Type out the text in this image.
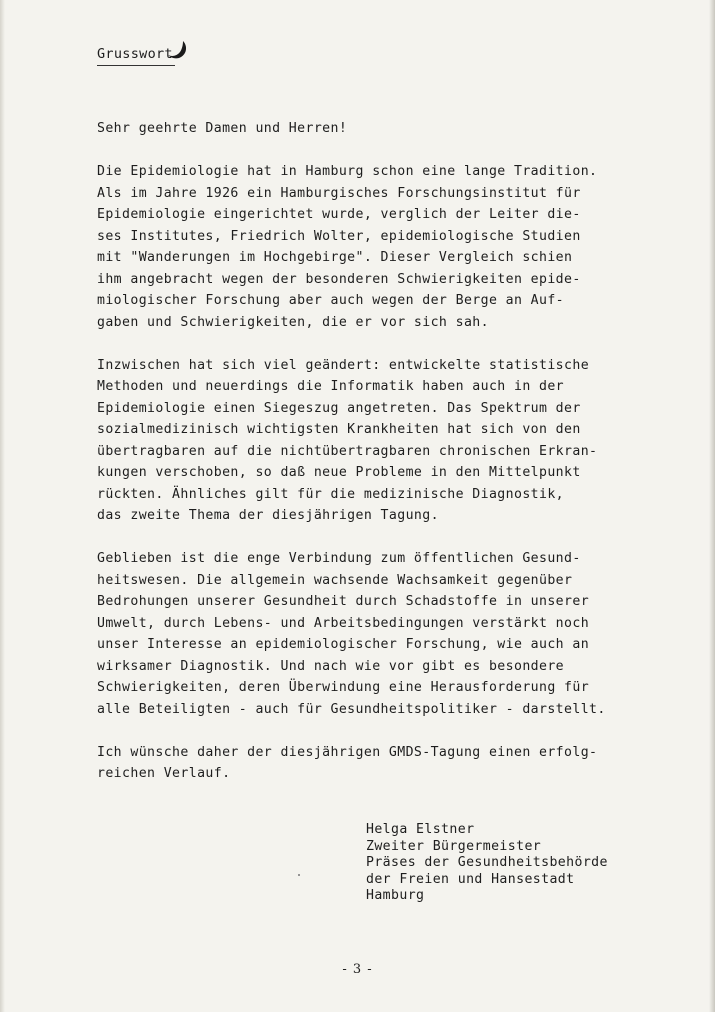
Grusswort

Sehr geehrte Damen und Herren!

Die Epidemiologie hat in Hamburg schon eine lange Tradition.
Als im Jahre 1926 ein Hamburgisches Forschungsinstitut für
Epidemiologie eingerichtet wurde, verglich der Leiter die-
ses Institutes, Friedrich Wolter, epidemiologische Studien
mit "Wanderungen im Hochgebirge". Dieser Vergleich schien
ihm angebracht wegen der besonderen Schwierigkeiten epide-
miologischer Forschung aber auch wegen der Berge an Auf-
gaben und Schwierigkeiten, die er vor sich sah.

Inzwischen hat sich viel geändert: entwickelte statistische
Methoden und neuerdings die Informatik haben auch in der
Epidemiologie einen Siegeszug angetreten. Das Spektrum der
sozialmedizinisch wichtigsten Krankheiten hat sich von den
übertragbaren auf die nichtübertragbaren chronischen Erkran-
kungen verschoben, so daß neue Probleme in den Mittelpunkt
rückten. Ähnliches gilt für die medizinische Diagnostik,
das zweite Thema der diesjährigen Tagung.

Geblieben ist die enge Verbindung zum öffentlichen Gesund-
heitswesen. Die allgemein wachsende Wachsamkeit gegenüber
Bedrohungen unserer Gesundheit durch Schadstoffe in unserer
Umwelt, durch Lebens- und Arbeitsbedingungen verstärkt noch
unser Interesse an epidemiologischer Forschung, wie auch an
wirksamer Diagnostik. Und nach wie vor gibt es besondere
Schwierigkeiten, deren Überwindung eine Herausforderung für
alle Beteiligten - auch für Gesundheitspolitiker - darstellt.

Ich wünsche daher der diesjährigen GMDS-Tagung einen erfolg-
reichen Verlauf.

Helga Elstner
Zweiter Bürgermeister
Präses der Gesundheitsbehörde
der Freien und Hansestadt
Hamburg
- 3 -
